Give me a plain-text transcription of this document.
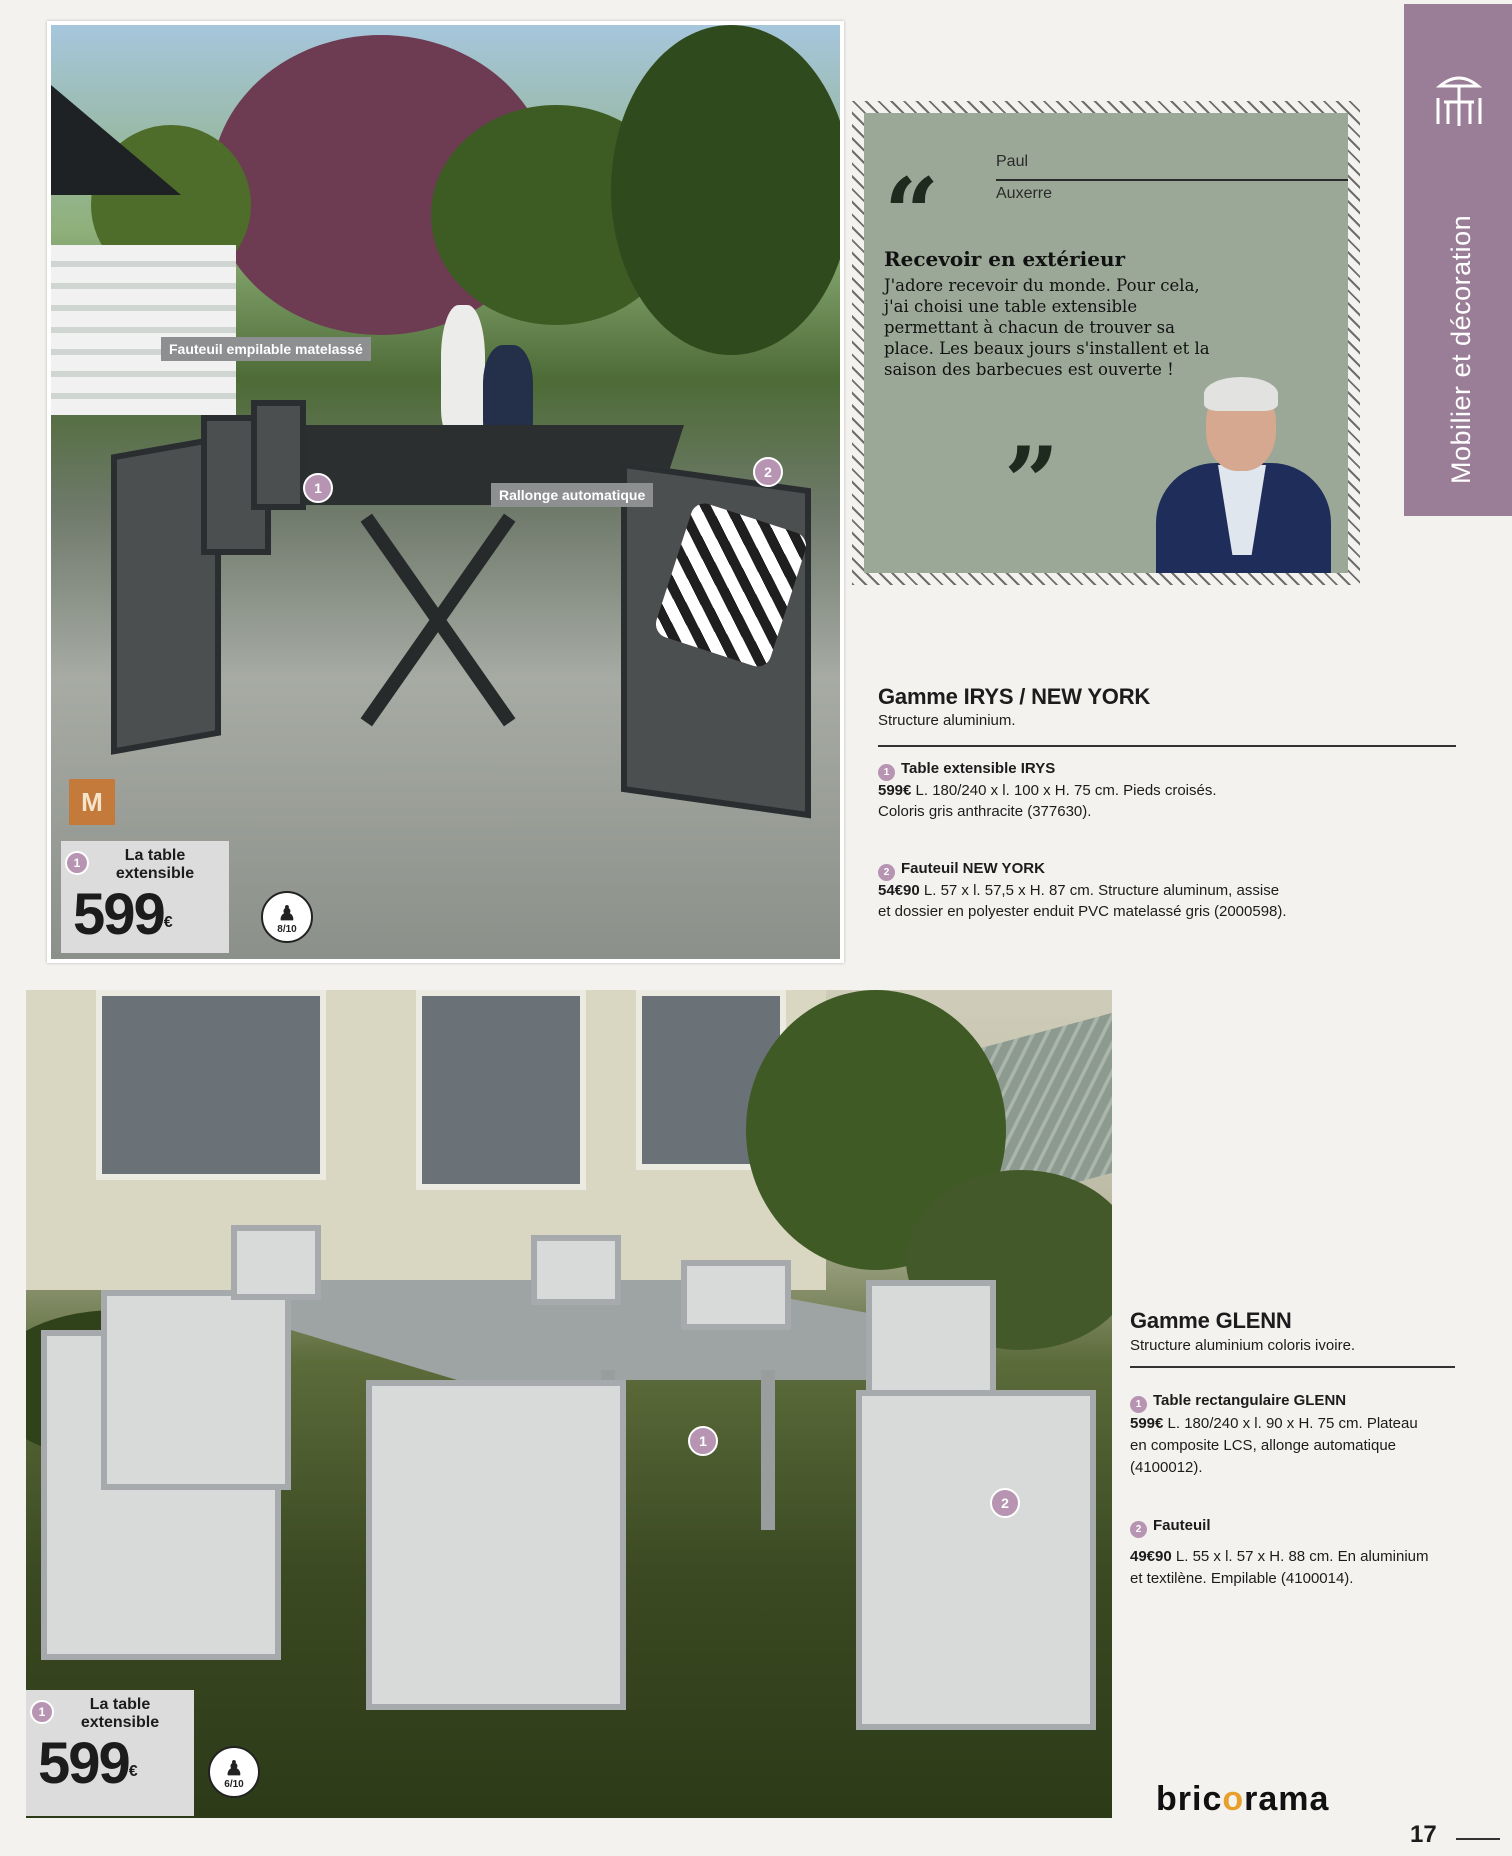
Fauteuil empilable matelassé
Rallonge automatique
1
2
M
1	La table extensible
599€	♟
8/10
Paul
Auxerre
“
Recevoir en extérieur
J'adore recevoir du monde. Pour cela, j'ai choisi une table extensible permettant à chacun de trouver sa place. Les beaux jours s'installent et la saison des barbecues est ouverte !
”	Mobilier et décoration
Gamme IRYS / NEW YORK
Structure aluminium.
1 Table extensible IRYS
599€ L. 180/240 x l. 100 x H. 75 cm. Pieds croisés.
Coloris gris anthracite (377630).
2 Fauteuil NEW YORK
54€90 L. 57 x l. 57,5 x H. 87 cm. Structure aluminum, assise
et dossier en polyester enduit PVC matelassé gris (2000598).
1
2
1	La table extensible
599€	♟
6/10
Gamme GLENN
Structure aluminium coloris ivoire.
1 Table rectangulaire GLENN
599€ L. 180/240 x l. 90 x H. 75 cm. Plateau
en composite LCS, allonge automatique
(4100012).
2 Fauteuil
49€90 L. 55 x l. 57 x H. 88 cm. En aluminium
et textilène. Empilable (4100014).
bricorama
17
